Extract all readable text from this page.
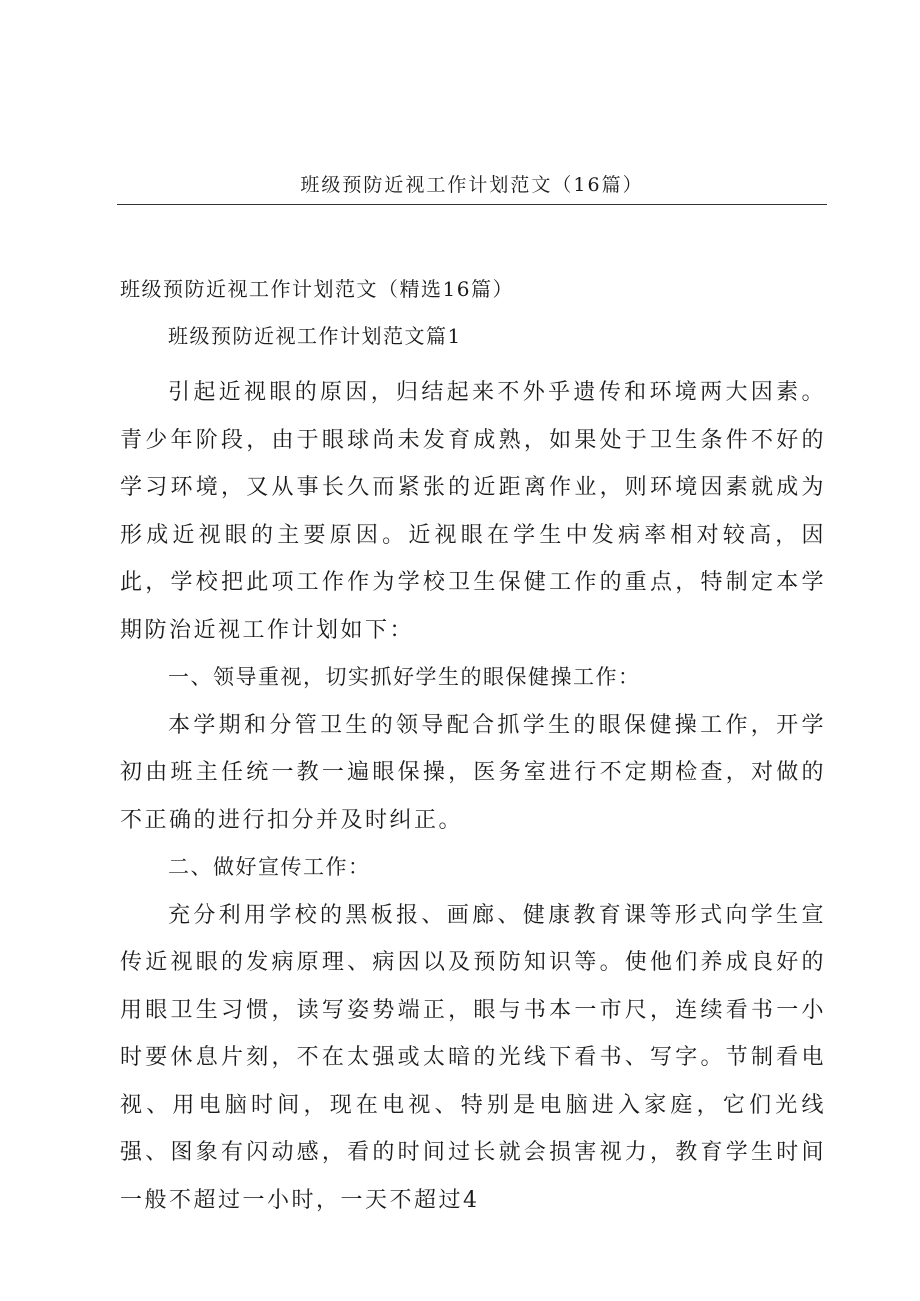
班级预防近视工作计划范文（16篇）
班级预防近视工作计划范文（精选16篇）
班级预防近视工作计划范文篇1

引起近视眼的原因，归结起来不外乎遗传和环境两大因素。青少年阶段，由于眼球尚未发育成熟，如果处于卫生条件不好的学习环境，又从事长久而紧张的近距离作业，则环境因素就成为形成近视眼的主要原因。近视眼在学生中发病率相对较高，因此，学校把此项工作作为学校卫生保健工作的重点，特制定本学期防治近视工作计划如下：

一、领导重视，切实抓好学生的眼保健操工作：

本学期和分管卫生的领导配合抓学生的眼保健操工作，开学初由班主任统一教一遍眼保操，医务室进行不定期检查，对做的不正确的进行扣分并及时纠正。

二、做好宣传工作：

充分利用学校的黑板报、画廊、健康教育课等形式向学生宣传近视眼的发病原理、病因以及预防知识等。使他们养成良好的用眼卫生习惯，读写姿势端正，眼与书本一市尺，连续看书一小时要休息片刻，不在太强或太暗的光线下看书、写字。节制看电视、用电脑时间，现在电视、特别是电脑进入家庭，它们光线强、图象有闪动感，看的时间过长就会损害视力，教育学生时间一般不超过一小时，一天不超过4
